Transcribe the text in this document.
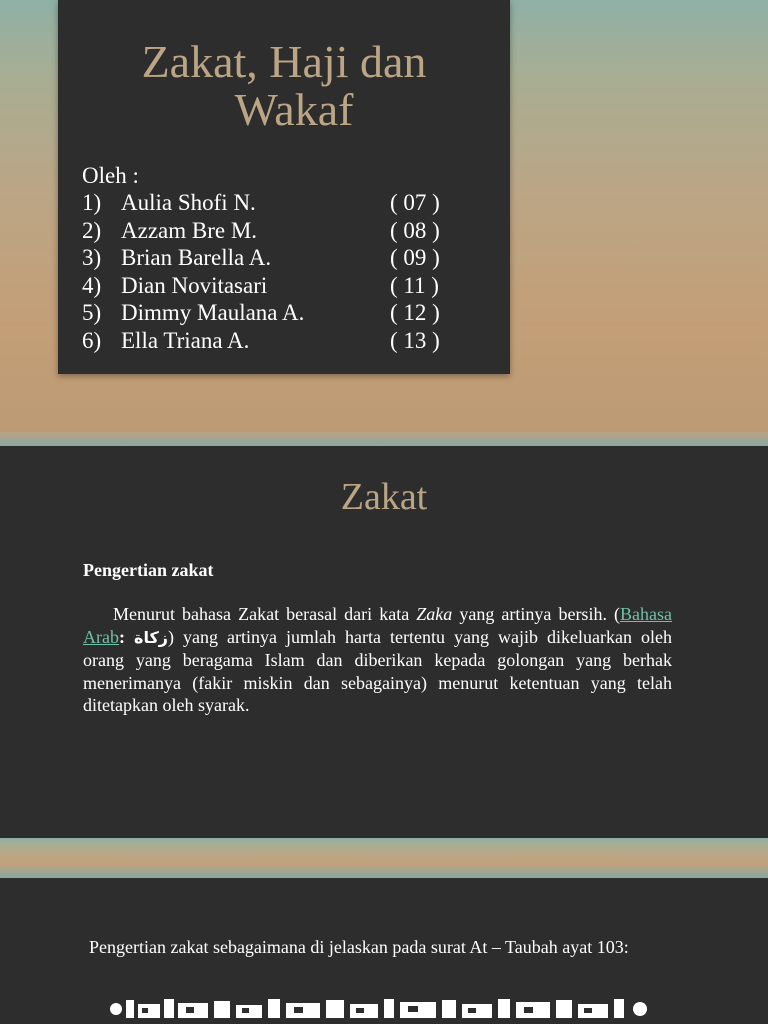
Zakat, Haji dan
Wakaf
Oleh :
1) Aulia Shofi N.	( 07 )
2) Azzam Bre M.	( 08 )
3) Brian Barella A.	( 09 )
4) Dian Novitasari	( 11 )
5) Dimmy Maulana A.	( 12 )
6) Ella Triana A.	( 13 )
Zakat
Pengertian zakat

Menurut bahasa Zakat berasal dari kata Zaka yang artinya bersih. (Bahasa Arab: زكاة) yang artinya jumlah harta tertentu yang wajib dikeluarkan oleh orang yang beragama Islam dan diberikan kepada golongan yang berhak menerimanya (fakir miskin dan sebagainya) menurut ketentuan yang telah ditetapkan oleh syarak.

Pengertian zakat sebagaimana di jelaskan pada surat At – Taubah ayat 103:
